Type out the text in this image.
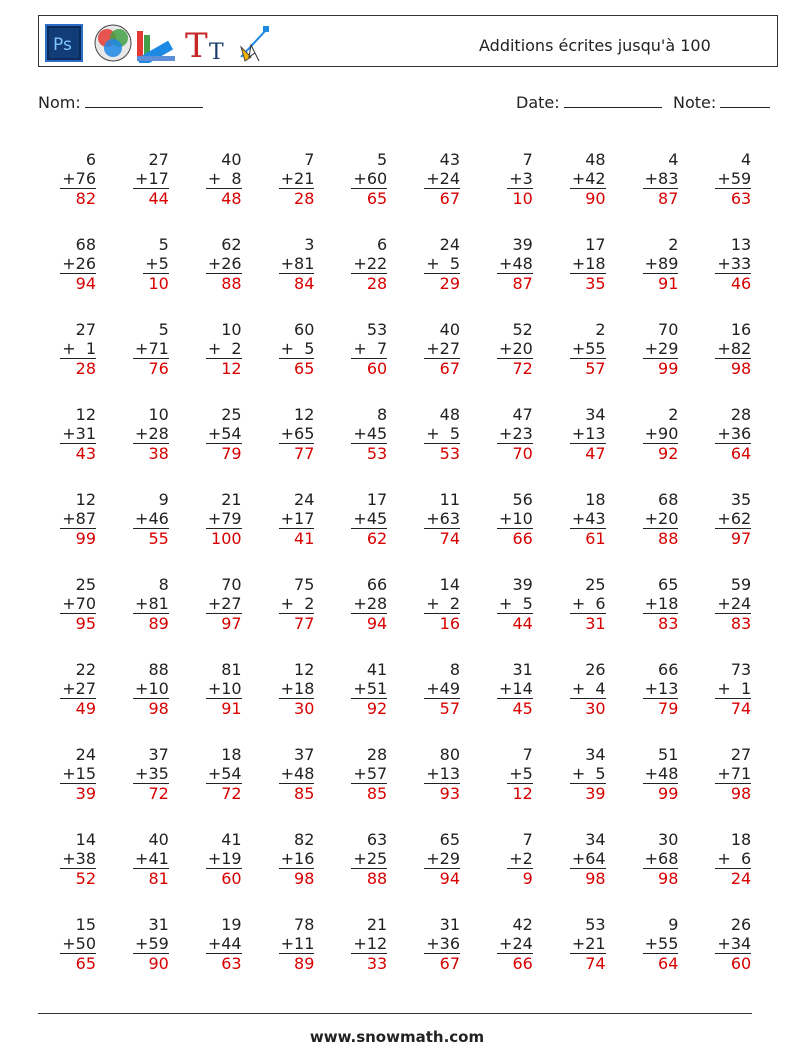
Ps	T T	Additions écrites jusqu'à 100
Nom:	Date:	Note:
6
+76
82
27
+17
44
40
+  8
48
7
+21
28
5
+60
65
43
+24
67
7
+3
10
48
+42
90
4
+83
87
4
+59
63
68
+26
94
5
+5
10
62
+26
88
3
+81
84
6
+22
28
24
+  5
29
39
+48
87
17
+18
35
2
+89
91
13
+33
46
27
+  1
28
5
+71
76
10
+  2
12
60
+  5
65
53
+  7
60
40
+27
67
52
+20
72
2
+55
57
70
+29
99
16
+82
98
12
+31
43
10
+28
38
25
+54
79
12
+65
77
8
+45
53
48
+  5
53
47
+23
70
34
+13
47
2
+90
92
28
+36
64
12
+87
99
9
+46
55
21
+79
100
24
+17
41
17
+45
62
11
+63
74
56
+10
66
18
+43
61
68
+20
88
35
+62
97
25
+70
95
8
+81
89
70
+27
97
75
+  2
77
66
+28
94
14
+  2
16
39
+  5
44
25
+  6
31
65
+18
83
59
+24
83
22
+27
49
88
+10
98
81
+10
91
12
+18
30
41
+51
92
8
+49
57
31
+14
45
26
+  4
30
66
+13
79
73
+  1
74
24
+15
39
37
+35
72
18
+54
72
37
+48
85
28
+57
85
80
+13
93
7
+5
12
34
+  5
39
51
+48
99
27
+71
98
14
+38
52
40
+41
81
41
+19
60
82
+16
98
63
+25
88
65
+29
94
7
+2
9
34
+64
98
30
+68
98
18
+  6
24
15
+50
65
31
+59
90
19
+44
63
78
+11
89
21
+12
33
31
+36
67
42
+24
66
53
+21
74
9
+55
64
26
+34
60
www.snowmath.com
